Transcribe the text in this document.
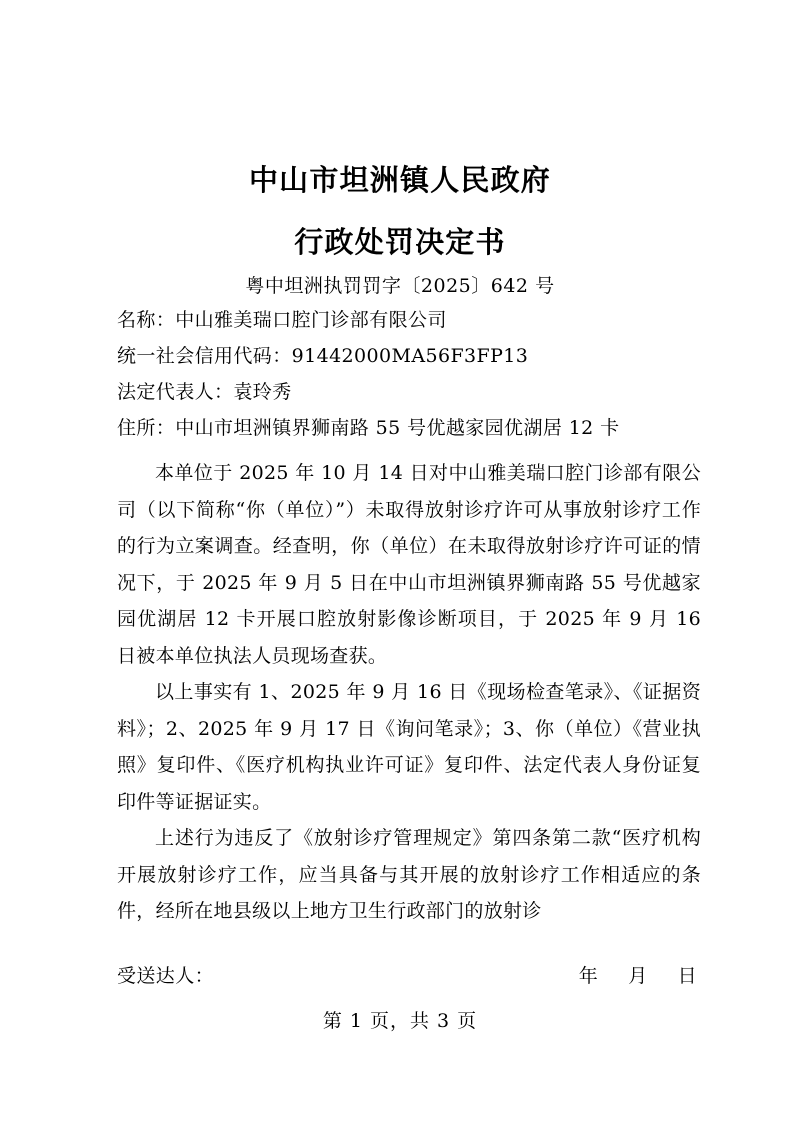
中山市坦洲镇人民政府
行政处罚决定书
粤中坦洲执罚罚字〔2025〕642 号
名称：中山雅美瑞口腔门诊部有限公司
统一社会信用代码：91442000MA56F3FP13
法定代表人：袁玲秀
住所：中山市坦洲镇界狮南路 55 号优越家园优湖居 12 卡

本单位于 2025 年 10 月 14 日对中山雅美瑞口腔门诊部有限公司（以下简称“你（单位）”）未取得放射诊疗许可从事放射诊疗工作的行为立案调查。经查明，你（单位）在未取得放射诊疗许可证的情况下，于 2025 年 9 月 5 日在中山市坦洲镇界狮南路 55 号优越家园优湖居 12 卡开展口腔放射影像诊断项目，于 2025 年 9 月 16 日被本单位执法人员现场查获。

以上事实有 1、2025 年 9 月 16 日《现场检查笔录》、《证据资料》；2、2025 年 9 月 17 日《询问笔录》；3、你（单位）《营业执照》复印件、《医疗机构执业许可证》复印件、法定代表人身份证复印件等证据证实。

上述行为违反了《放射诊疗管理规定》第四条第二款“医疗机构开展放射诊疗工作，应当具备与其开展的放射诊疗工作相适应的条件，经所在地县级以上地方卫生行政部门的放射诊

受送达人：	年 月 日
第 1 页，共 3 页
